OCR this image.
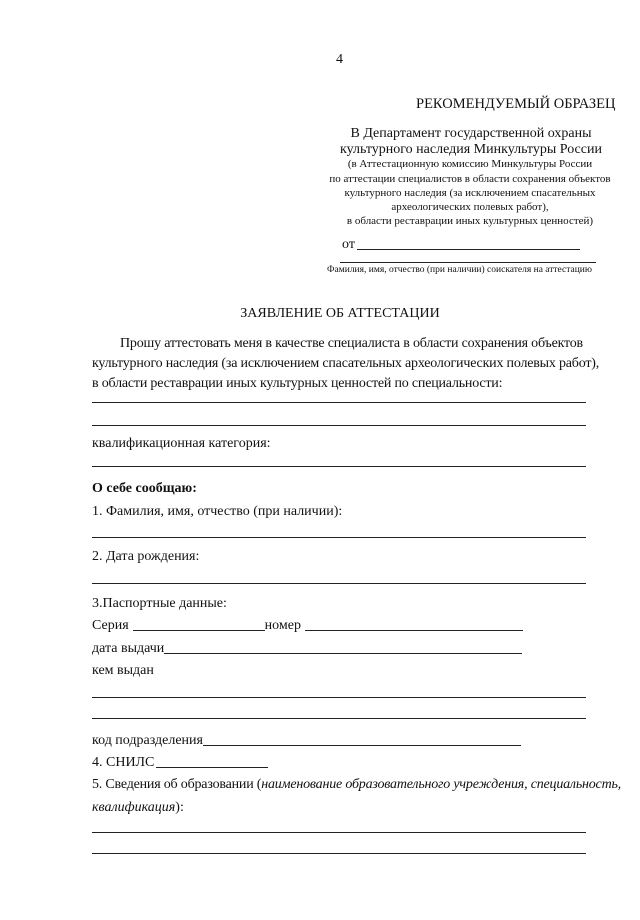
4
РЕКОМЕНДУЕМЫЙ ОБРАЗЕЦ
В Департамент государственной охраны
культурного наследия Минкультуры России
(в Аттестационную комиссию Минкультуры России
по аттестации специалистов в области сохранения объектов
культурного наследия (за исключением спасательных
археологических полевых работ),
в области реставрации иных культурных ценностей)
от
Фамилия, имя, отчество (при наличии) соискателя на аттестацию
ЗАЯВЛЕНИЕ ОБ АТТЕСТАЦИИ
Прошу аттестовать меня в качестве специалиста в области сохранения объектов
культурного наследия (за исключением спасательных археологических полевых работ),
в области реставрации иных культурных ценностей по специальности:
квалификационная категория:
О себе сообщаю:
1. Фамилия, имя, отчество (при наличии):
2. Дата рождения:
3.Паспортные данные:
Серия	номер
дата выдачи
кем выдан
код подразделения
4. СНИЛС
5. Сведения об образовании (наименование образовательного учреждения, специальность,
квалификация):
